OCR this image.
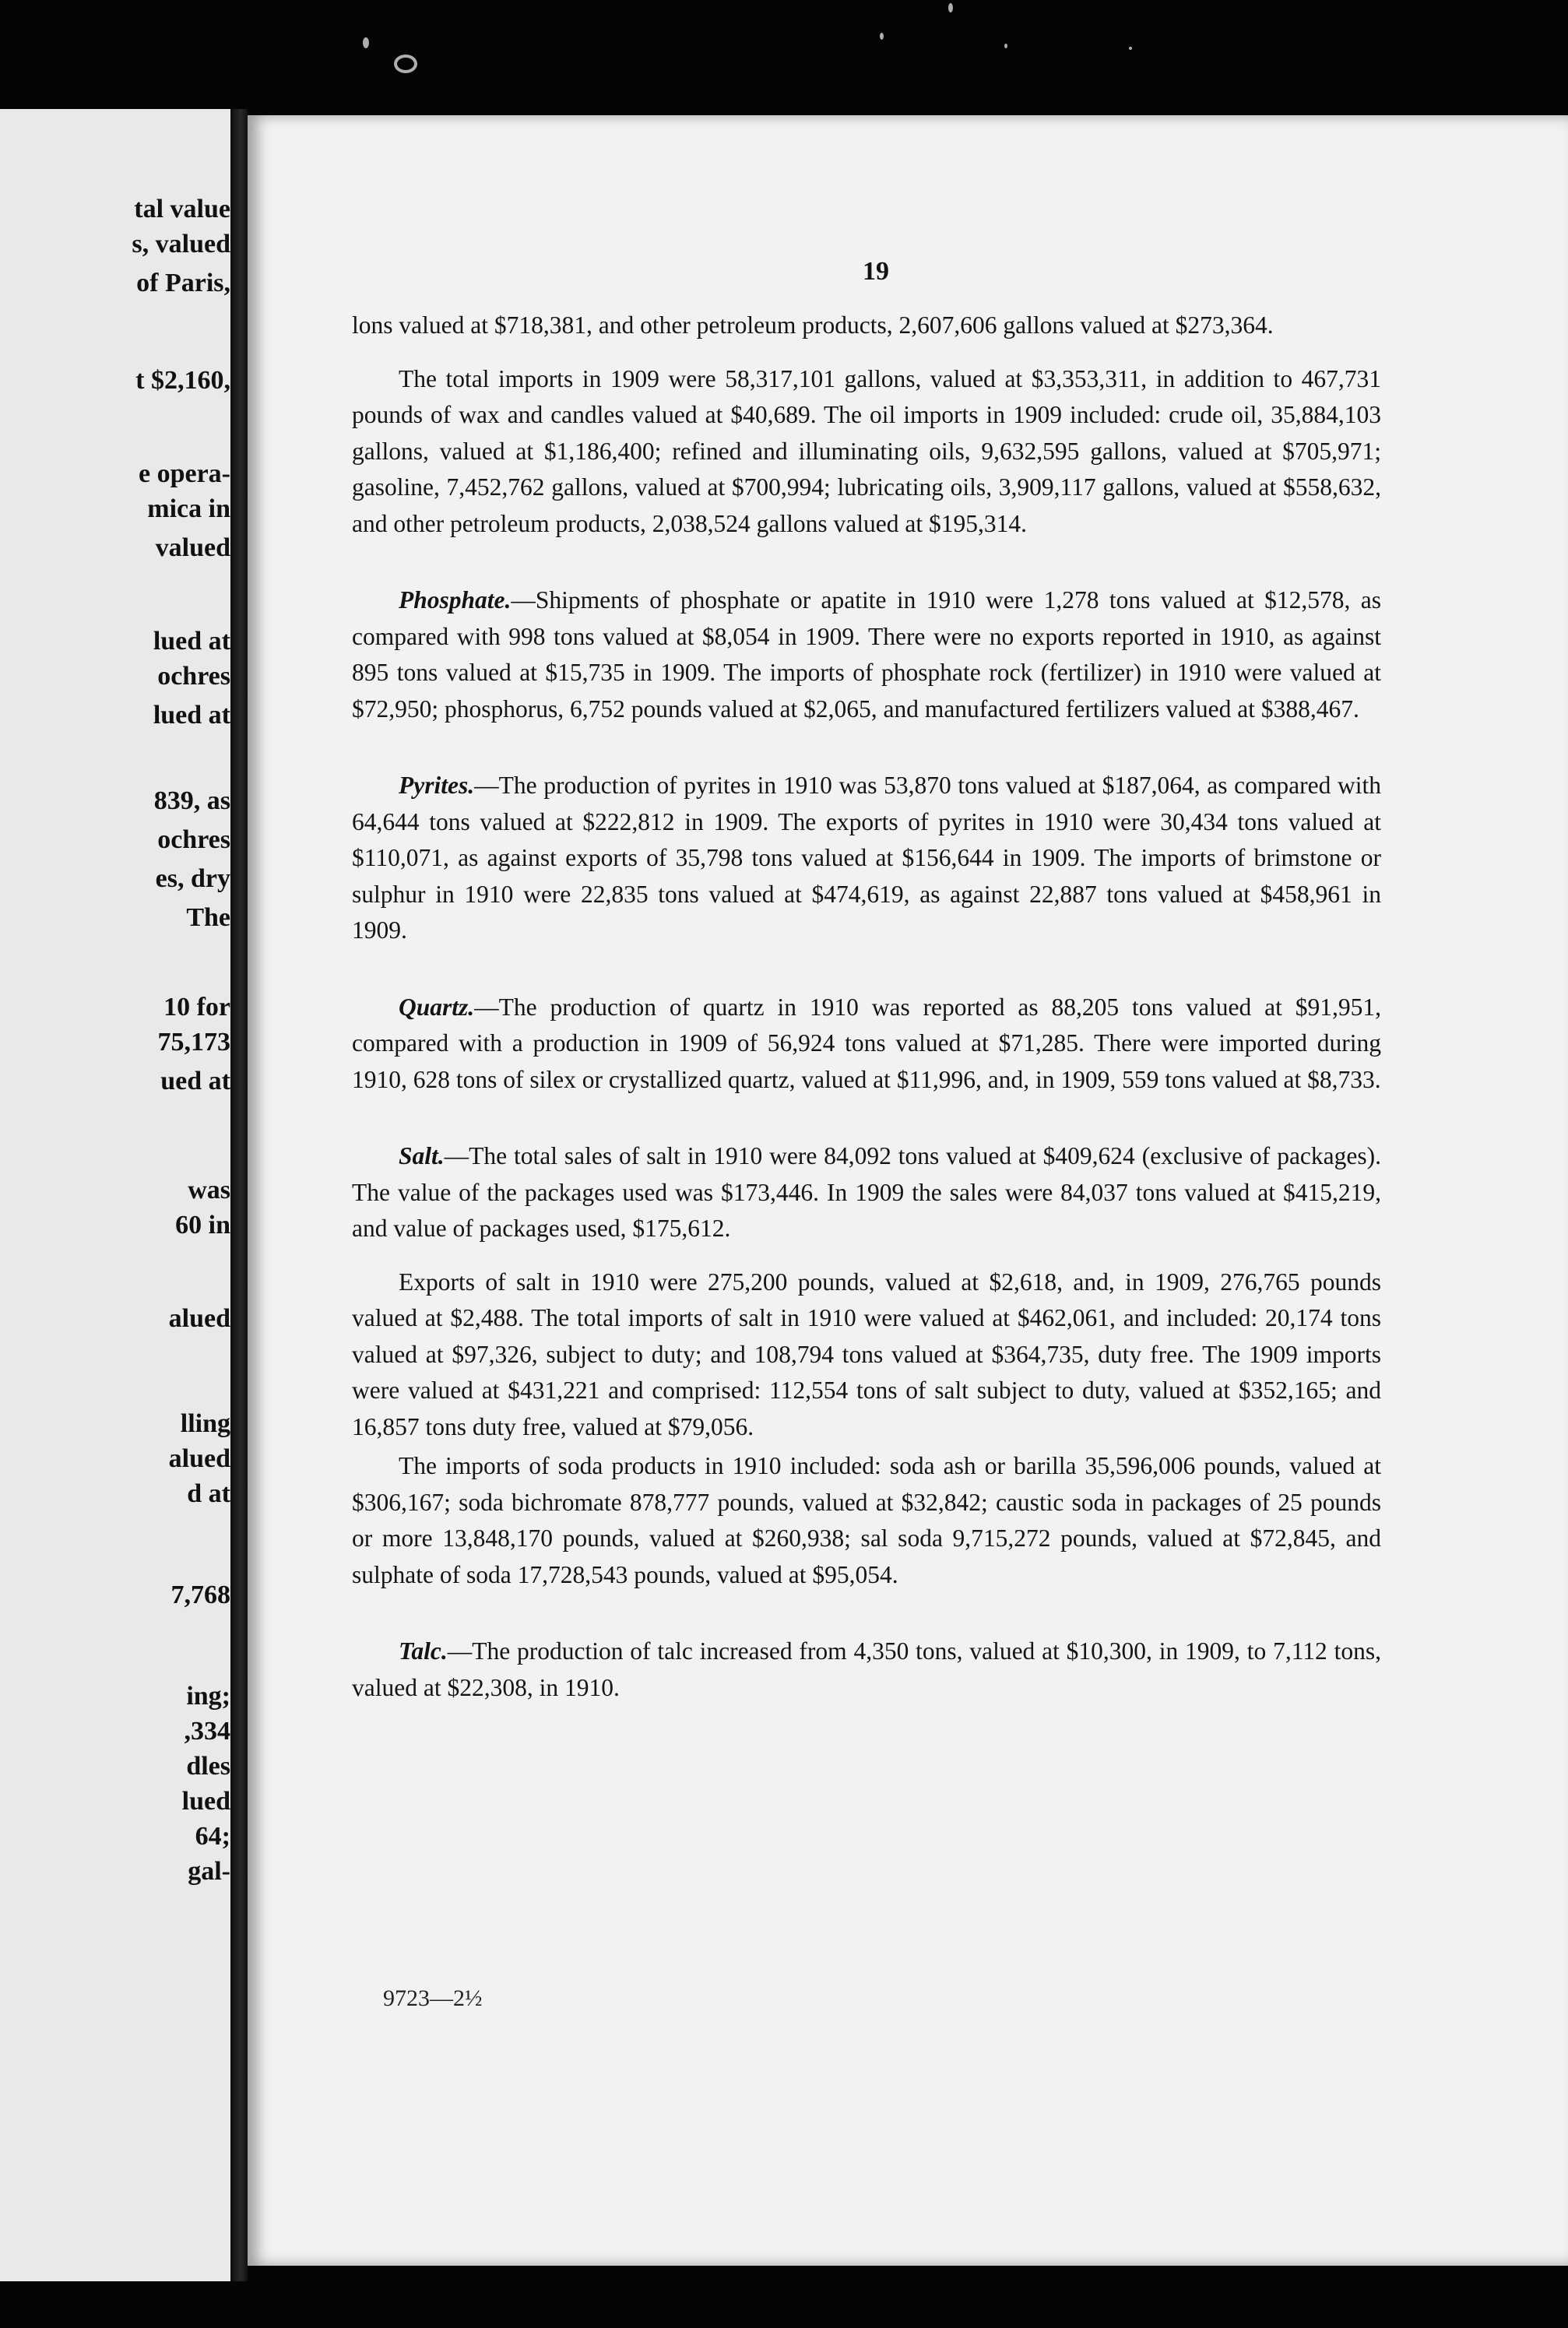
tal value
s, valued
of Paris,
t $2,160,
e opera-
mica in
valued
lued at
ochres
lued at
839, as
ochres
es, dry
The
10 for
75,173
ued at
was
60 in
alued
lling
alued
d at
7,768
ing;
,334
dles
lued
64;
gal-
19

lons valued at $718,381, and other petroleum products, 2,607,606 gallons valued at $273,364.

The total imports in 1909 were 58,317,101 gallons, valued at $3,353,311, in addition to 467,731 pounds of wax and candles valued at $40,689. The oil imports in 1909 included: crude oil, 35,884,103 gallons, valued at $1,186,400; refined and illuminating oils, 9,632,595 gallons, valued at $705,971; gasoline, 7,452,762 gallons, valued at $700,994; lubricating oils, 3,909,117 gallons, valued at $558,632, and other petroleum products, 2,038,524 gallons valued at $195,314.

Phosphate.—Shipments of phosphate or apatite in 1910 were 1,278 tons valued at $12,578, as compared with 998 tons valued at $8,054 in 1909. There were no exports reported in 1910, as against 895 tons valued at $15,735 in 1909. The imports of phosphate rock (fertilizer) in 1910 were valued at $72,950; phosphorus, 6,752 pounds valued at $2,065, and manufactured fertilizers valued at $388,467.

Pyrites.—The production of pyrites in 1910 was 53,870 tons valued at $187,064, as compared with 64,644 tons valued at $222,812 in 1909. The exports of pyrites in 1910 were 30,434 tons valued at $110,071, as against exports of 35,798 tons valued at $156,644 in 1909. The imports of brimstone or sulphur in 1910 were 22,835 tons valued at $474,619, as against 22,887 tons valued at $458,961 in 1909.

Quartz.—The production of quartz in 1910 was reported as 88,205 tons valued at $91,951, compared with a production in 1909 of 56,924 tons valued at $71,285. There were imported during 1910, 628 tons of silex or crystallized quartz, valued at $11,996, and, in 1909, 559 tons valued at $8,733.

Salt.—The total sales of salt in 1910 were 84,092 tons valued at $409,624 (exclusive of packages). The value of the packages used was $173,446. In 1909 the sales were 84,037 tons valued at $415,219, and value of packages used, $175,612.

Exports of salt in 1910 were 275,200 pounds, valued at $2,618, and, in 1909, 276,765 pounds valued at $2,488. The total imports of salt in 1910 were valued at $462,061, and included: 20,174 tons valued at $97,326, subject to duty; and 108,794 tons valued at $364,735, duty free. The 1909 imports were valued at $431,221 and comprised: 112,554 tons of salt subject to duty, valued at $352,165; and 16,857 tons duty free, valued at $79,056.

The imports of soda products in 1910 included: soda ash or barilla 35,596,006 pounds, valued at $306,167; soda bichromate 878,777 pounds, valued at $32,842; caustic soda in packages of 25 pounds or more 13,848,170 pounds, valued at $260,938; sal soda 9,715,272 pounds, valued at $72,845, and sulphate of soda 17,728,543 pounds, valued at $95,054.

Talc.—The production of talc increased from 4,350 tons, valued at $10,300, in 1909, to 7,112 tons, valued at $22,308, in 1910.

9723—2½
